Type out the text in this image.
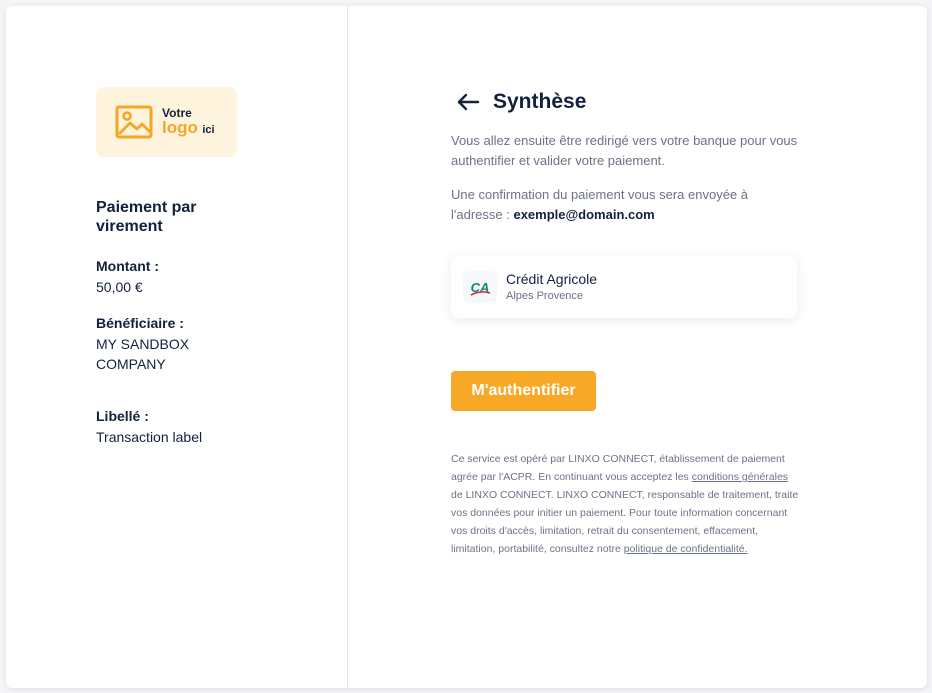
Votre
logo ici
Paiement par virement
Montant :
50,00 €
Bénéficiaire :
MY SANDBOX COMPANY
Libellé :
Transaction label
Synthèse
Vous allez ensuite être redirigé vers votre banque pour vous authentifier et valider votre paiement.
Une confirmation du paiement vous sera envoyée à l'adresse : exemple@domain.com
CA
Crédit Agricole
Alpes Provence
M'authentifier
Ce service est opéré par LINXO CONNECT, établissement de paiement agrée par l'ACPR. En continuant vous acceptez les conditions générales de LINXO CONNECT. LINXO CONNECT, responsable de traitement, traite vos données pour initier un paiement. Pour toute information concernant vos droits d'accès, limitation, retrait du consentement, effacement, limitation, portabilité, consultez notre politique de confidentialité.
